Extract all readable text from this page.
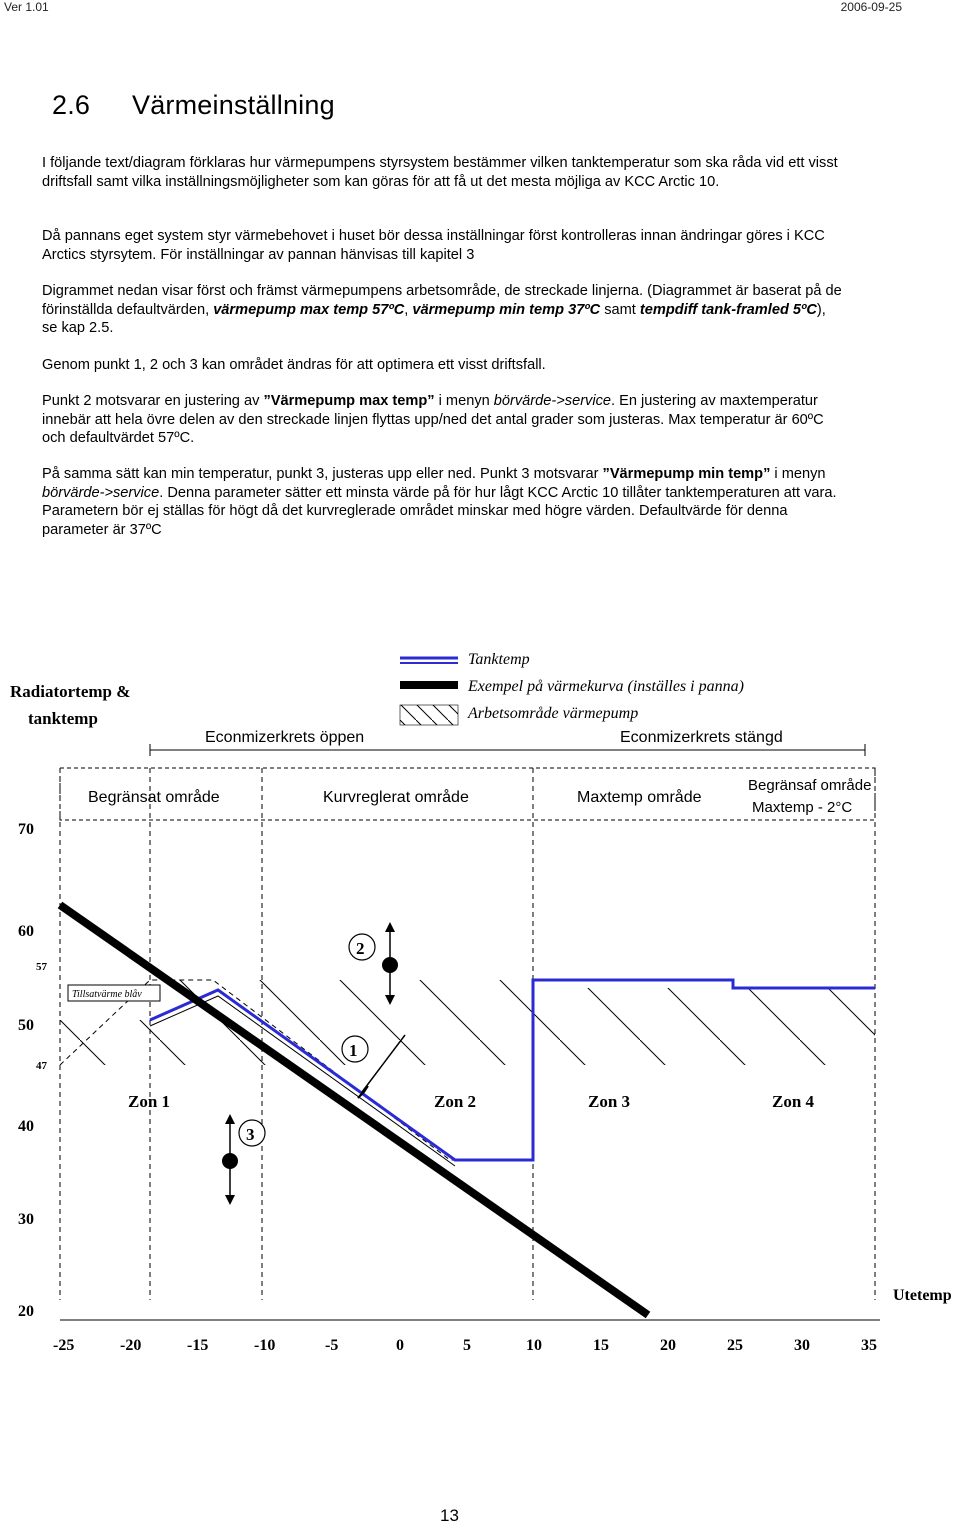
Ver 1.01	2006-09-25
2.6 Värmeinställning

I följande text/diagram förklaras hur värmepumpens styrsystem bestämmer vilken tanktemperatur som ska råda vid ett visst driftsfall samt vilka inställningsmöjligheter som kan göras för att få ut det mesta möjliga av KCC Arctic 10.

Då pannans eget system styr värmebehovet i huset bör dessa inställningar först kontrolleras innan ändringar göres i KCC Arctics styrsytem. För inställningar av pannan hänvisas till kapitel 3

Digrammet nedan visar först och främst värmepumpens arbetsområde, de streckade linjerna. (Diagrammet är baserat på de förinställda defaultvärden, värmepump max temp 57ºC, värmepump min temp 37ºC samt tempdiff tank-framled 5ºC), se kap 2.5.

Genom punkt 1, 2 och 3 kan området ändras för att optimera ett visst driftsfall.

Punkt 2 motsvarar en justering av ”Värmepump max temp” i menyn börvärde->service. En justering av maxtemperatur innebär att hela övre delen av den streckade linjen flyttas upp/ned det antal grader som justeras. Max temperatur är 60ºC och defaultvärdet 57ºC.

På samma sätt kan min temperatur, punkt 3, justeras upp eller ned. Punkt 3 motsvarar ”Värmepump min temp” i menyn börvärde->service. Denna parameter sätter ett minsta värde på för hur lågt KCC Arctic 10 tillåter tanktemperaturen att vara. Parametern bör ej ställas för högt då det kurvreglerade området minskar med högre värden. Defaultvärde för denna parameter är 37ºC

Tanktemp
Exempel på värmekurva (inställes i panna)
Arbetsområde värmepump
Radiatortemp &
tanktemp
Econmizerkrets öppen	Econmizerkrets stängd
Begränsat område	Kurvreglerat område	Maxtemp område
Begränsaf område
Maxtemp - 2°C
70
60
57
50
47
40
30
20
Tillsatvärme blåv
Zon 1	Zon 2	Zon 3	Zon 4
2
1
3
Utetemp
-25	-20	-15	-10	-5	0	5	10	15	20	25	30	35
13
